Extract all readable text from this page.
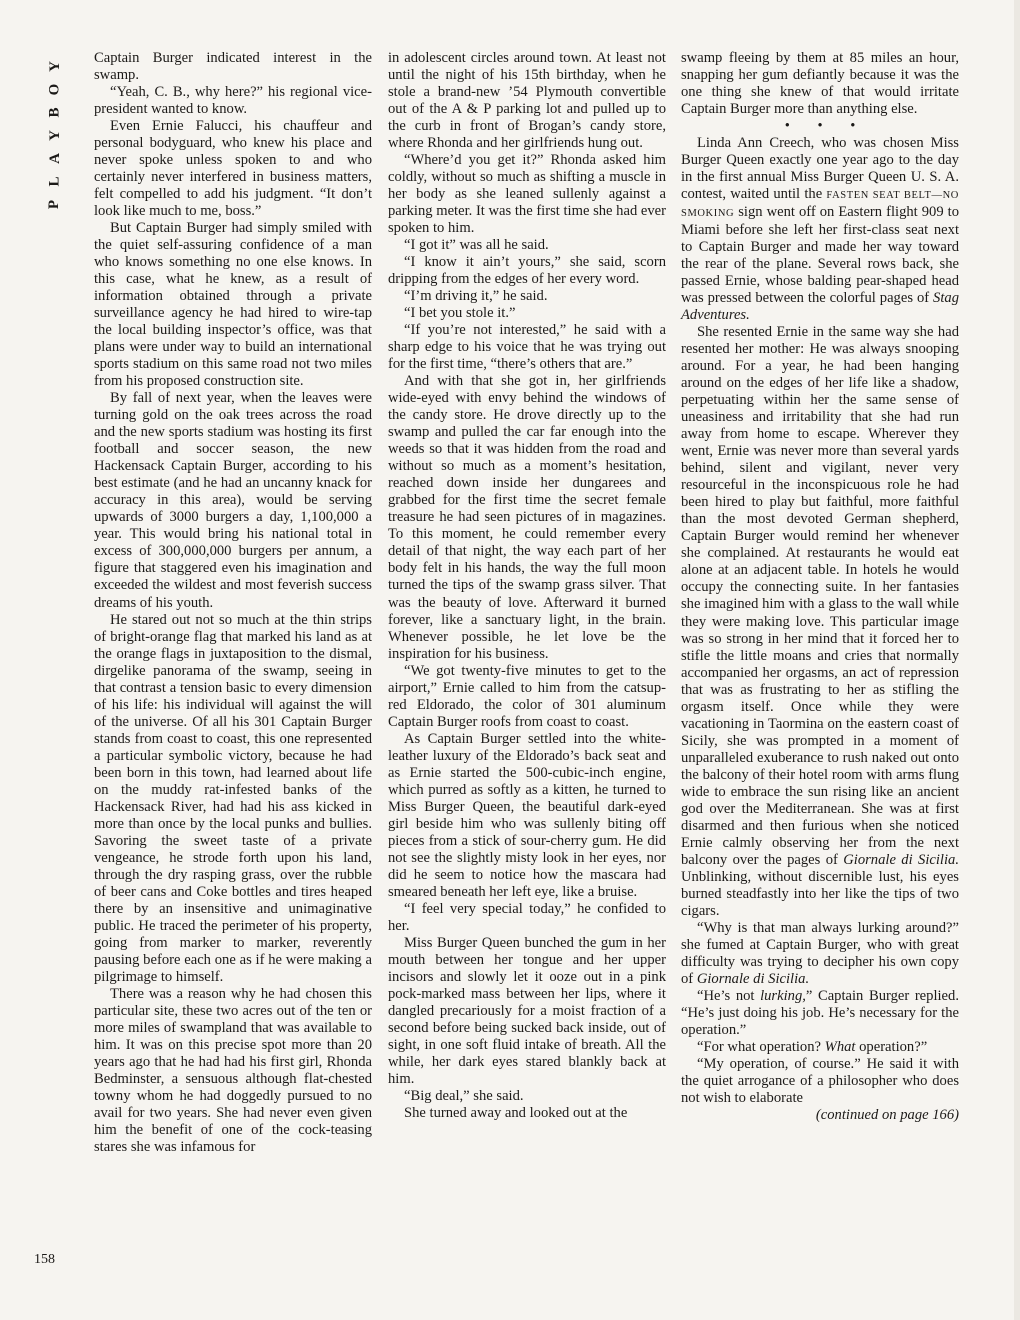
Y
O
B
Y
A
L
P

Captain Burger indicated interest in the swamp.

“Yeah, C. B., why here?” his regional vice-president wanted to know.

Even Ernie Falucci, his chauffeur and personal bodyguard, who knew his place and never spoke unless spoken to and who certainly never interfered in business matters, felt compelled to add his judgment. “It don’t look like much to me, boss.”

But Captain Burger had simply smiled with the quiet self-assuring confidence of a man who knows something no one else knows. In this case, what he knew, as a result of information obtained through a private surveillance agency he had hired to wire-tap the local building inspector’s office, was that plans were under way to build an international sports stadium on this same road not two miles from his proposed construction site.

By fall of next year, when the leaves were turning gold on the oak trees across the road and the new sports stadium was hosting its first football and soccer season, the new Hackensack Captain Burger, according to his best estimate (and he had an uncanny knack for accuracy in this area), would be serving upwards of 3000 burgers a day, 1,100,000 a year. This would bring his national total in excess of 300,000,000 burgers per annum, a figure that staggered even his imagination and exceeded the wildest and most feverish success dreams of his youth.

He stared out not so much at the thin strips of bright-orange flag that marked his land as at the orange flags in juxtaposition to the dismal, dirgelike panorama of the swamp, seeing in that contrast a tension basic to every dimension of his life: his individual will against the will of the universe. Of all his 301 Captain Burger stands from coast to coast, this one represented a particular symbolic victory, because he had been born in this town, had learned about life on the muddy rat-infested banks of the Hackensack River, had had his ass kicked in more than once by the local punks and bullies. Savoring the sweet taste of a private vengeance, he strode forth upon his land, through the dry rasping grass, over the rubble of beer cans and Coke bottles and tires heaped there by an insensitive and unimaginative public. He traced the perimeter of his property, going from marker to marker, reverently pausing before each one as if he were making a pilgrimage to himself.

There was a reason why he had chosen this particular site, these two acres out of the ten or more miles of swampland that was available to him. It was on this precise spot more than 20 years ago that he had had his first girl, Rhonda Bedminster, a sensuous although flat-chested towny whom he had doggedly pursued to no avail for two years. She had never even given him the benefit of one of the cock-teasing stares she was infamous for

in adolescent circles around town. At least not until the night of his 15th birthday, when he stole a brand-new ’54 Plymouth convertible out of the A & P parking lot and pulled up to the curb in front of Brogan’s candy store, where Rhonda and her girlfriends hung out.

“Where’d you get it?” Rhonda asked him coldly, without so much as shifting a muscle in her body as she leaned sullenly against a parking meter. It was the first time she had ever spoken to him.

“I got it” was all he said.

“I know it ain’t yours,” she said, scorn dripping from the edges of her every word.

“I’m driving it,” he said.

“I bet you stole it.”

“If you’re not interested,” he said with a sharp edge to his voice that he was trying out for the first time, “there’s others that are.”

And with that she got in, her girlfriends wide-eyed with envy behind the windows of the candy store. He drove directly up to the swamp and pulled the car far enough into the weeds so that it was hidden from the road and without so much as a moment’s hesitation, reached down inside her dungarees and grabbed for the first time the secret female treasure he had seen pictures of in magazines. To this moment, he could remember every detail of that night, the way each part of her body felt in his hands, the way the full moon turned the tips of the swamp grass silver. That was the beauty of love. Afterward it burned forever, like a sanctuary light, in the brain. Whenever possible, he let love be the inspiration for his business.

“We got twenty-five minutes to get to the airport,” Ernie called to him from the catsup-red Eldorado, the color of 301 aluminum Captain Burger roofs from coast to coast.

As Captain Burger settled into the white-leather luxury of the Eldorado’s back seat and as Ernie started the 500-cubic-inch engine, which purred as softly as a kitten, he turned to Miss Burger Queen, the beautiful dark-eyed girl beside him who was sullenly biting off pieces from a stick of sour-cherry gum. He did not see the slightly misty look in her eyes, nor did he seem to notice how the mascara had smeared beneath her left eye, like a bruise.

“I feel very special today,” he confided to her.

Miss Burger Queen bunched the gum in her mouth between her tongue and her upper incisors and slowly let it ooze out in a pink pock-marked mass between her lips, where it dangled precariously for a moist fraction of a second before being sucked back inside, out of sight, in one soft fluid intake of breath. All the while, her dark eyes stared blankly back at him.

“Big deal,” she said.

She turned away and looked out at the

swamp fleeing by them at 85 miles an hour, snapping her gum defiantly because it was the one thing she knew of that would irritate Captain Burger more than anything else.

• • •

Linda Ann Creech, who was chosen Miss Burger Queen exactly one year ago to the day in the first annual Miss Burger Queen U. S. A. contest, waited until the FASTEN SEAT BELT—NO SMOKING sign went off on Eastern flight 909 to Miami before she left her first-class seat next to Captain Burger and made her way toward the rear of the plane. Several rows back, she passed Ernie, whose balding pear-shaped head was pressed between the colorful pages of Stag Adventures.

She resented Ernie in the same way she had resented her mother: He was always snooping around. For a year, he had been hanging around on the edges of her life like a shadow, perpetuating within her the same sense of uneasiness and irritability that she had run away from home to escape. Wherever they went, Ernie was never more than several yards behind, silent and vigilant, never very resourceful in the inconspicuous role he had been hired to play but faithful, more faithful than the most devoted German shepherd, Captain Burger would remind her whenever she complained. At restaurants he would eat alone at an adjacent table. In hotels he would occupy the connecting suite. In her fantasies she imagined him with a glass to the wall while they were making love. This particular image was so strong in her mind that it forced her to stifle the little moans and cries that normally accompanied her orgasms, an act of repression that was as frustrating to her as stifling the orgasm itself. Once while they were vacationing in Taormina on the eastern coast of Sicily, she was prompted in a moment of unparalleled exuberance to rush naked out onto the balcony of their hotel room with arms flung wide to embrace the sun rising like an ancient god over the Mediterranean. She was at first disarmed and then furious when she noticed Ernie calmly observing her from the next balcony over the pages of Giornale di Sicilia. Unblinking, without discernible lust, his eyes burned steadfastly into her like the tips of two cigars.

“Why is that man always lurking around?” she fumed at Captain Burger, who with great difficulty was trying to decipher his own copy of Giornale di Sicilia.

“He’s not lurking,” Captain Burger replied. “He’s just doing his job. He’s necessary for the operation.”

“For what operation? What operation?”

“My operation, of course.” He said it with the quiet arrogance of a philosopher who does not wish to elaborate

(continued on page 166)

158
